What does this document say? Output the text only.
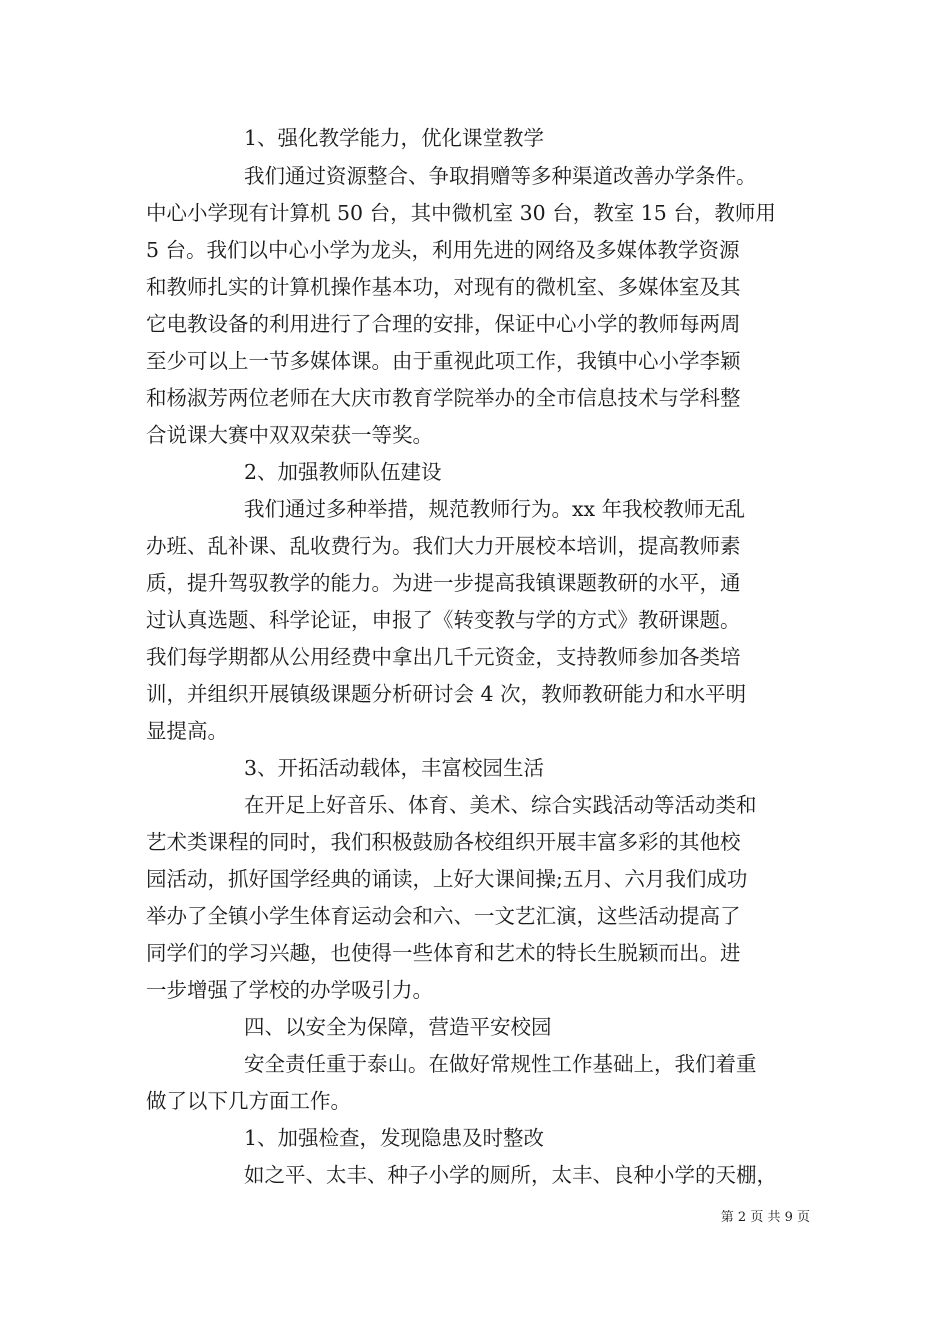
1、强化教学能力，优化课堂教学
我们通过资源整合、争取捐赠等多种渠道改善办学条件。
中心小学现有计算机 50 台，其中微机室 30 台，教室 15 台，教师用
5 台。我们以中心小学为龙头，利用先进的网络及多媒体教学资源
和教师扎实的计算机操作基本功，对现有的微机室、多媒体室及其
它电教设备的利用进行了合理的安排，保证中心小学的教师每两周
至少可以上一节多媒体课。由于重视此项工作，我镇中心小学李颖
和杨淑芳两位老师在大庆市教育学院举办的全市信息技术与学科整
合说课大赛中双双荣获一等奖。
2、加强教师队伍建设
我们通过多种举措，规范教师行为。xx 年我校教师无乱
办班、乱补课、乱收费行为。我们大力开展校本培训，提高教师素
质，提升驾驭教学的能力。为进一步提高我镇课题教研的水平，通
过认真选题、科学论证，申报了《转变教与学的方式》教研课题。
我们每学期都从公用经费中拿出几千元资金，支持教师参加各类培
训，并组织开展镇级课题分析研讨会 4 次，教师教研能力和水平明
显提高。
3、开拓活动载体，丰富校园生活
在开足上好音乐、体育、美术、综合实践活动等活动类和
艺术类课程的同时，我们积极鼓励各校组织开展丰富多彩的其他校
园活动，抓好国学经典的诵读，上好大课间操;五月、六月我们成功
举办了全镇小学生体育运动会和六、一文艺汇演，这些活动提高了
同学们的学习兴趣，也使得一些体育和艺术的特长生脱颖而出。进
一步增强了学校的办学吸引力。
四、以安全为保障，营造平安校园
安全责任重于泰山。在做好常规性工作基础上，我们着重
做了以下几方面工作。
1、加强检查，发现隐患及时整改
如之平、太丰、种子小学的厕所，太丰、良种小学的天棚，
第 2 页 共 9 页
